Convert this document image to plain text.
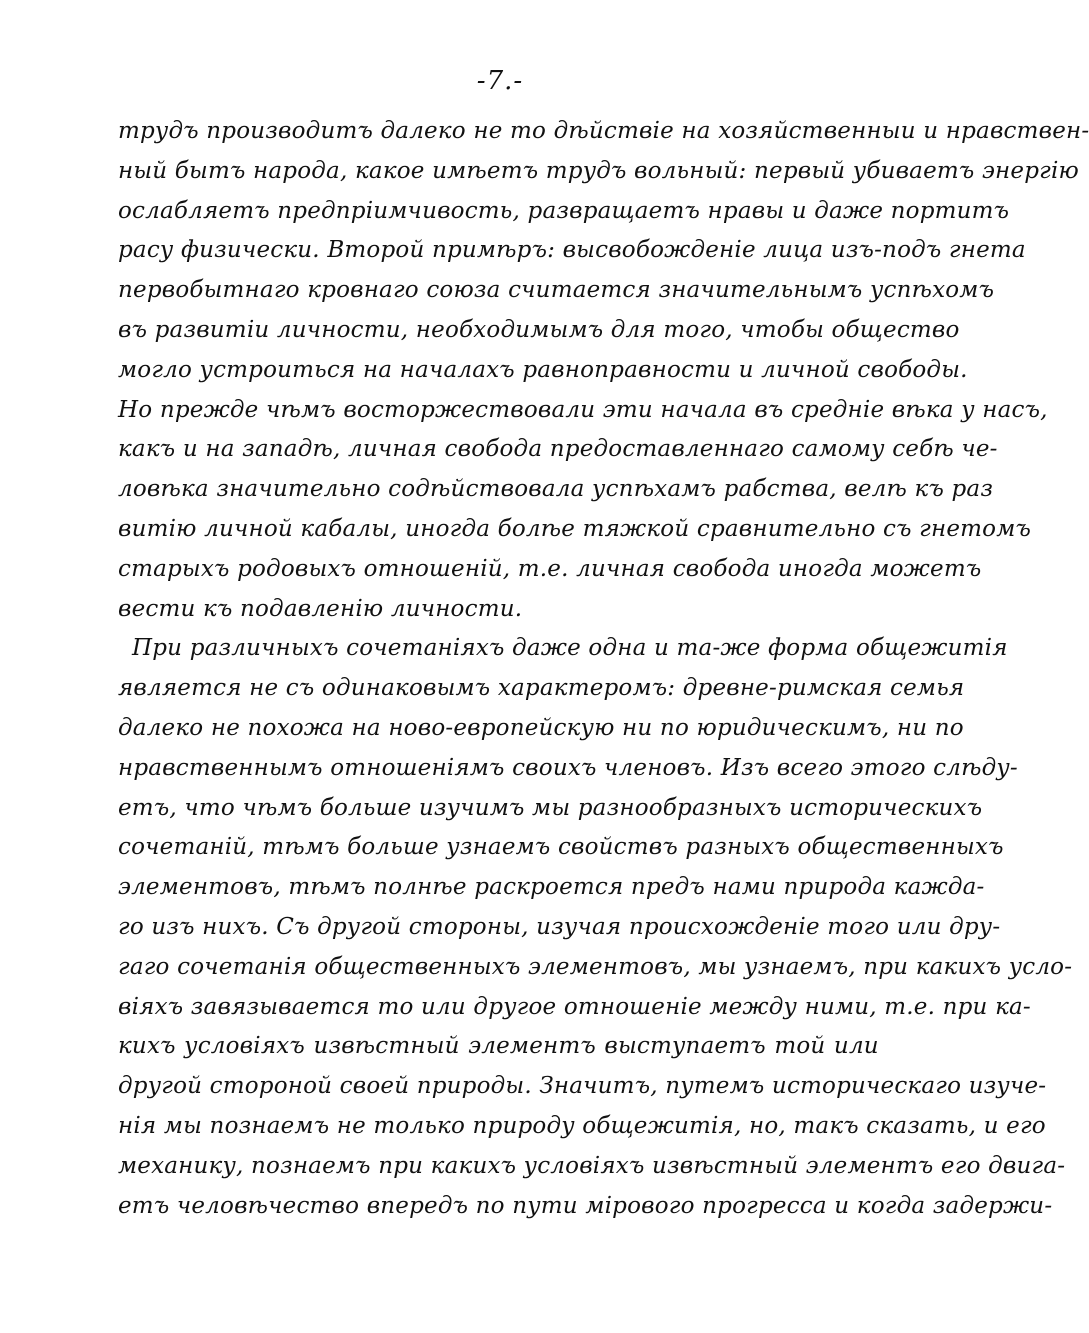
-7.-
трудъ производитъ далеко не то дѣйствіе на хозяйственныи и нравствен-
ный бытъ народа, какое имѣетъ трудъ вольный: первый убиваетъ энергію
ослабляетъ предпріимчивость, развращаетъ нравы и даже портитъ
расу физически. Второй примѣръ: высвобожденіе лица изъ-подъ гнета
первобытнаго кровнаго союза считается значительнымъ успѣхомъ
въ развитіи личности, необходимымъ для того, чтобы общество
могло устроиться на началахъ равноправности и личной свободы.
Но прежде чѣмъ восторжествовали эти начала въ средніе вѣка у насъ,
какъ и на западѣ, личная свобода предоставленнаго самому себѣ че-
ловѣка значительно содѣйствовала успѣхамъ рабства, велѣ къ раз
витію личной кабалы, иногда болѣе тяжкой сравнительно съ гнетомъ
старыхъ родовыхъ отношеній, т.е. личная свобода иногда можетъ
вести къ подавленію личности.
При различныхъ сочетаніяхъ даже одна и та-же форма общежитія
является не съ одинаковымъ характеромъ: древне-римская семья
далеко не похожа на ново-европейскую ни по юридическимъ, ни по
нравственнымъ отношеніямъ своихъ членовъ. Изъ всего этого слѣду-
етъ, что чѣмъ больше изучимъ мы разнообразныхъ историческихъ
сочетаній, тѣмъ больше узнаемъ свойствъ разныхъ общественныхъ
элементовъ, тѣмъ полнѣе раскроется предъ нами природа кажда-
го изъ нихъ. Съ другой стороны, изучая происхожденіе того или дру-
гаго сочетанія общественныхъ элементовъ, мы узнаемъ, при какихъ усло-
віяхъ завязывается то или другое отношеніе между ними, т.е. при ка-
кихъ условіяхъ извѣстный элементъ выступаетъ той или
другой стороной своей природы. Значитъ, путемъ историческаго изуче-
нія мы познаемъ не только природу общежитія, но, такъ сказать, и его
механику, познаемъ при какихъ условіяхъ извѣстный элементъ его двига-
етъ человѣчество впередъ по пути мірового прогресса и когда задержи-
